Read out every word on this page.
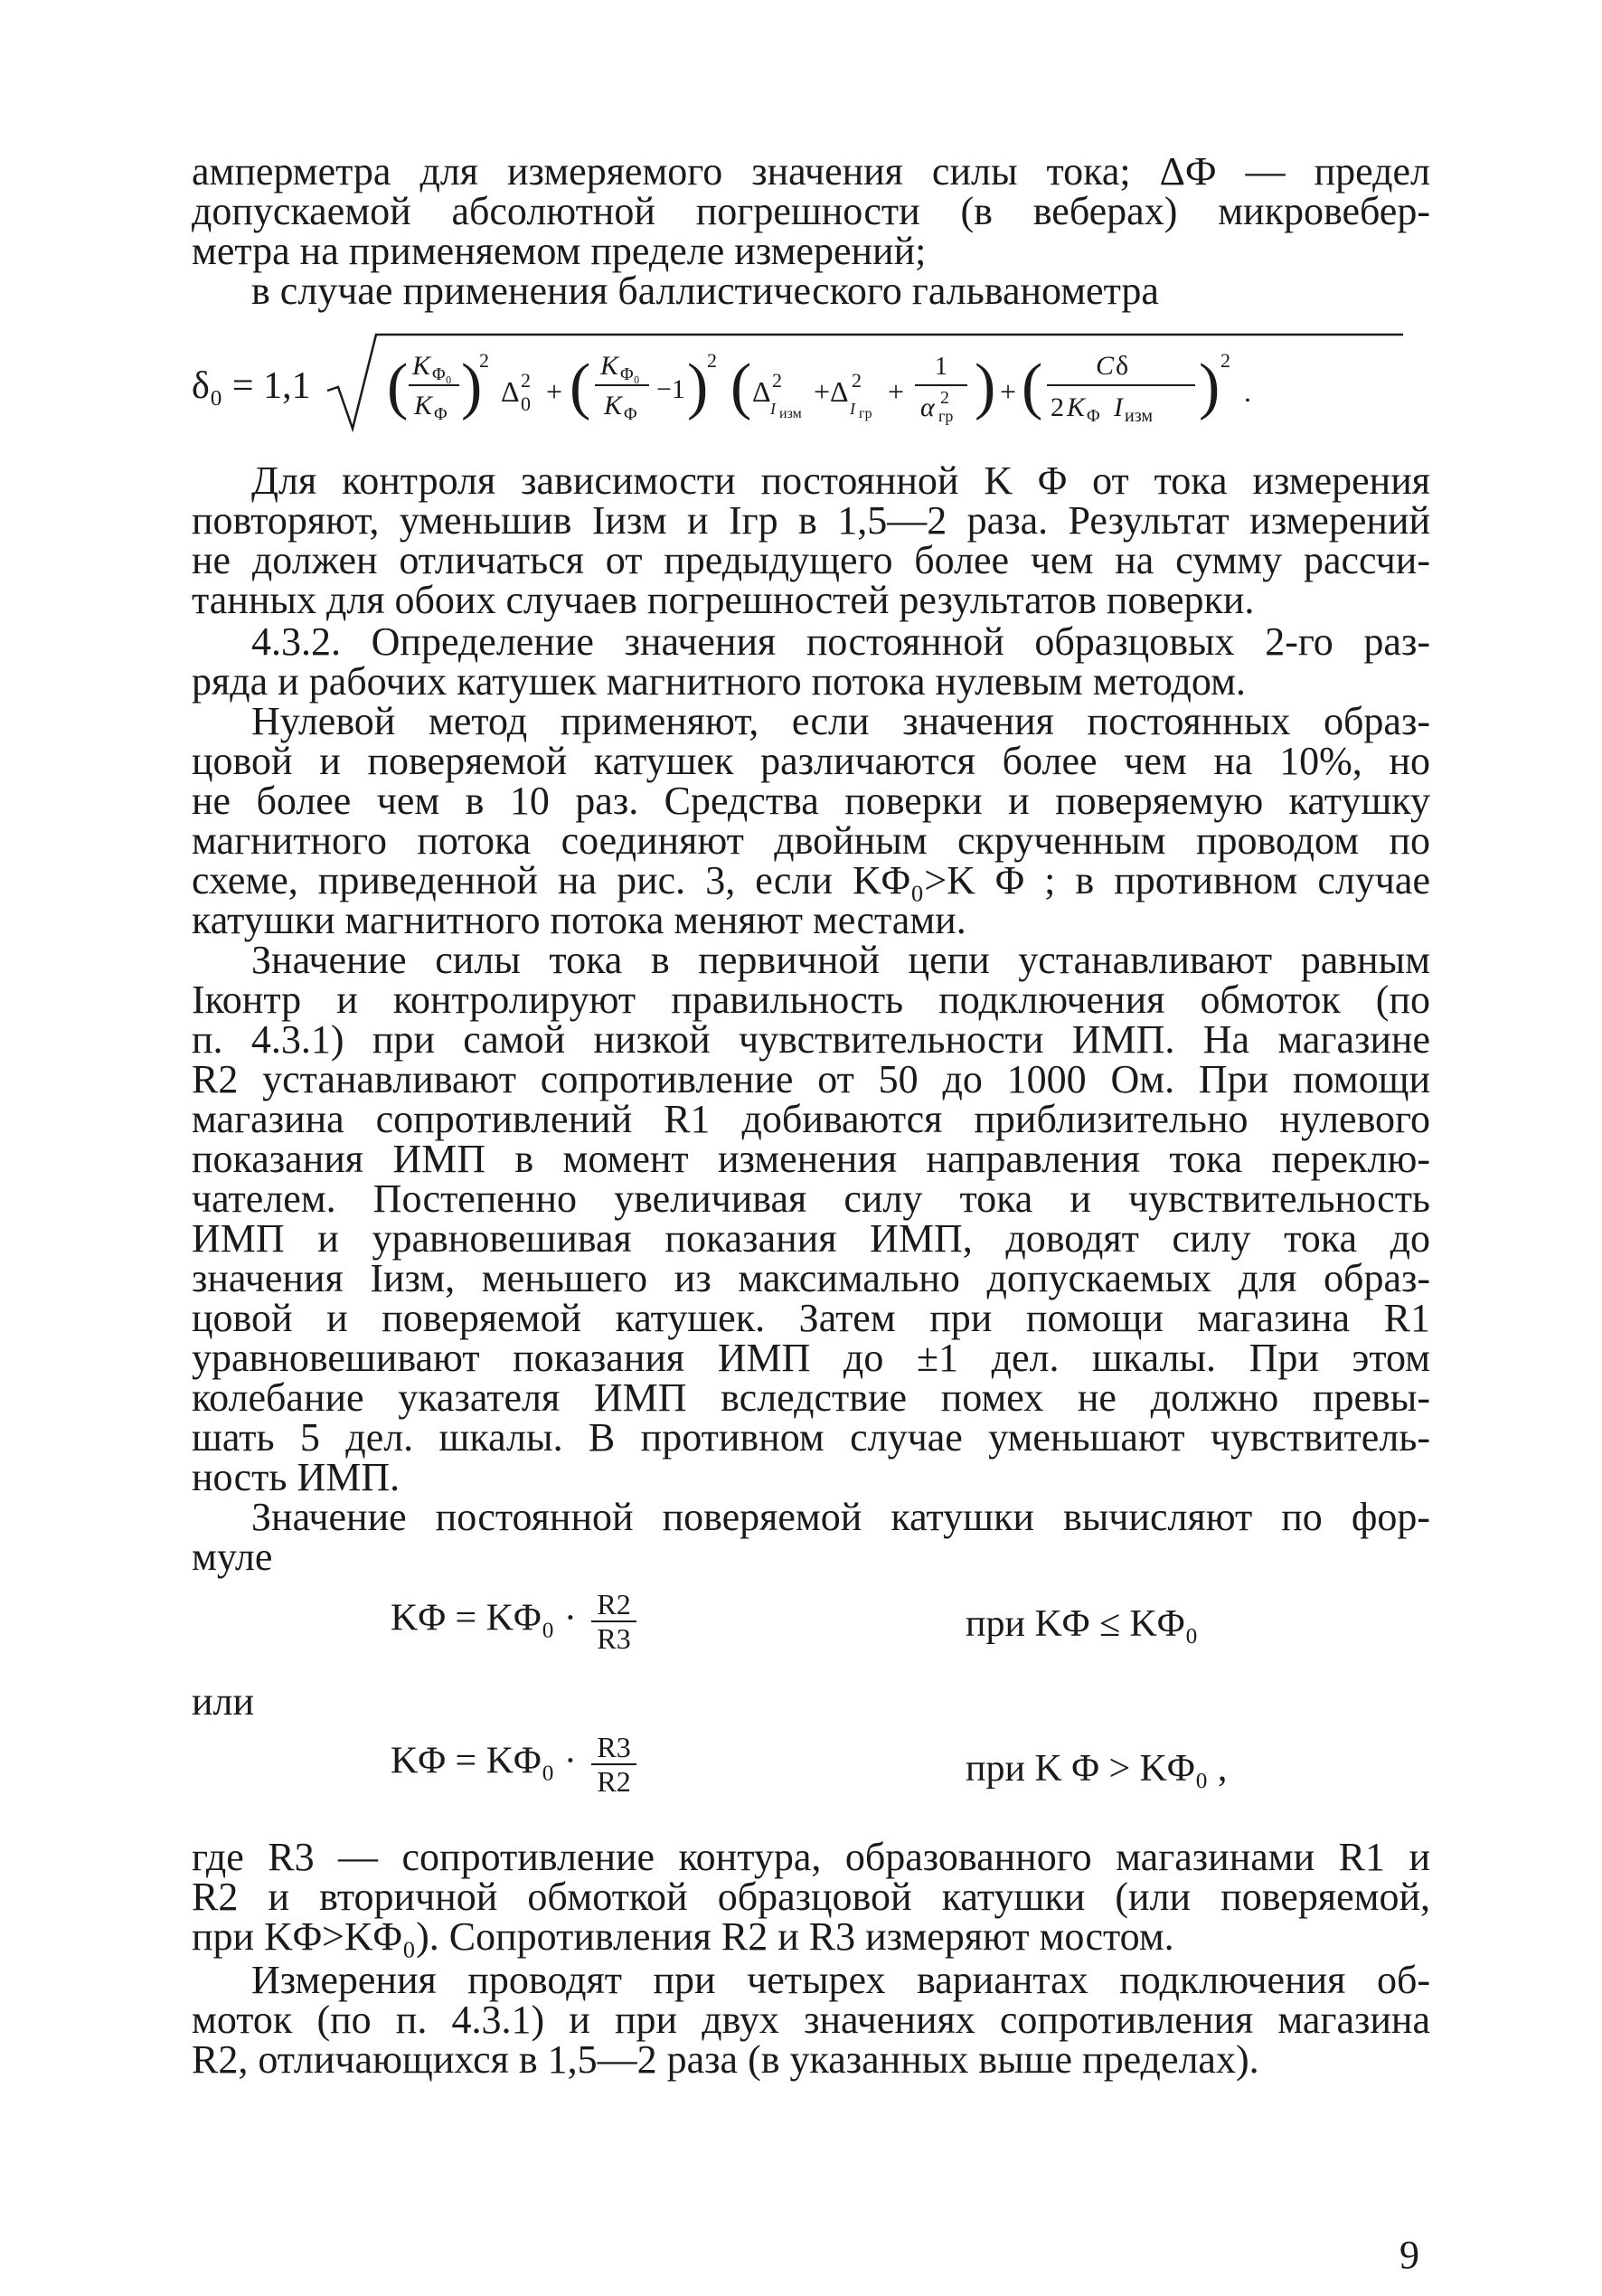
амперметра для измеряемого значения силы тока; ΔФ — предел
допускаемой абсолютной погрешности (в веберах) микровебер-
метра на применяемом пределе измерений;
в случае применения баллистического гальванометра
δ₀ = 1,1 ( K Φ₀
K Φ )
2
Δ 2
0 + ( K Φ₀
K Φ
−1 )
2 ( Δ 2
I изм
+Δ 2
I гр
+
1
α 2
гр ) + ( C δ
2 K Φ I изм ) 2
.
Для контроля зависимости постоянной K Φ от тока измерения
повторяют, уменьшив Iизм и Iгр в 1,5—2 раза. Результат измерений
не должен отличаться от предыдущего более чем на сумму рассчи-
танных для обоих случаев погрешностей результатов поверки.
4.3.2. Определение значения постоянной образцовых 2-го раз-
ряда и рабочих катушек магнитного потока нулевым методом.
Нулевой метод применяют, если значения постоянных образ-
цовой и поверяемой катушек различаются более чем на 10%, но
не более чем в 10 раз. Средства поверки и поверяемую катушку
магнитного потока соединяют двойным скрученным проводом по
схеме, приведенной на рис. 3, если KΦ₀>K Φ ; в противном случае
катушки магнитного потока меняют местами.
Значение силы тока в первичной цепи устанавливают равным
Iконтр и контролируют правильность подключения обмоток (по
п. 4.3.1) при самой низкой чувствительности ИМП. На магазине
R2 устанавливают сопротивление от 50 до 1000 Ом. При помощи
магазина сопротивлений R1 добиваются приблизительно нулевого
показания ИМП в момент изменения направления тока переклю-
чателем. Постепенно увеличивая силу тока и чувствительность
ИМП и уравновешивая показания ИМП, доводят силу тока до
значения Iизм, меньшего из максимально допускаемых для образ-
цовой и поверяемой катушек. Затем при помощи магазина R1
уравновешивают показания ИМП до ±1 дел. шкалы. При этом
колебание указателя ИМП вследствие помех не должно превы-
шать 5 дел. шкалы. В противном случае уменьшают чувствитель-
ность ИМП.
Значение постоянной поверяемой катушки вычисляют по фор-
муле
$K\Phi = K\Phi_0 \cdot \frac{R2}{R3}$	при KΦ ≤ KΦ₀
или
$K\Phi = K\Phi_0 \cdot \frac{R3}{R2}$	при K Φ > KΦ₀ ,
где R3 — сопротивление контура, образованного магазинами R1 и
R2 и вторичной обмоткой образцовой катушки (или поверяемой,
при KΦ>KΦ₀). Сопротивления R2 и R3 измеряют мостом.
Измерения проводят при четырех вариантах подключения об-
моток (по п. 4.3.1) и при двух значениях сопротивления магазина
R2, отличающихся в 1,5—2 раза (в указанных выше пределах).
9
